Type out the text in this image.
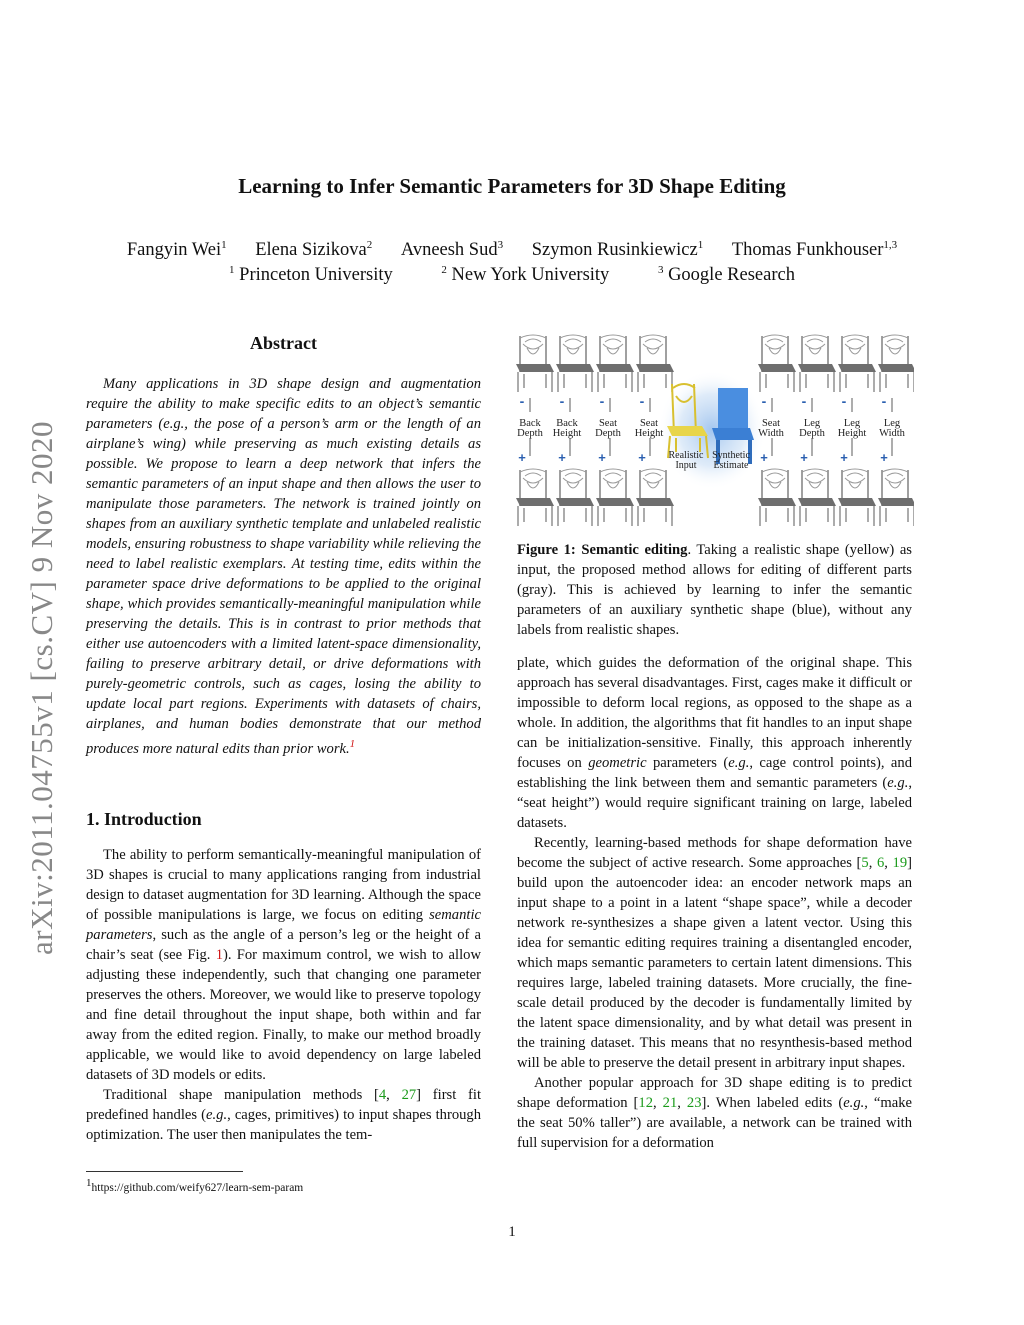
arXiv:2011.04755v1 [cs.CV] 9 Nov 2020
Learning to Infer Semantic Parameters for 3D Shape Editing
Fangyin Wei$^1$ Elena Sizikova$^2$ Avneesh Sud$^3$ Szymon Rusinkiewicz$^1$ Thomas Funkhouser$^{1,3}$
$^1$ Princeton University	$^2$ New York University	$^3$ Google Research
Abstract
Many applications in 3D shape design and augmentation require the ability to make specific edits to an object’s semantic parameters (e.g., the pose of a person’s arm or the length of an airplane’s wing) while preserving as much existing details as possible. We propose to learn a deep network that infers the semantic parameters of an input shape and then allows the user to manipulate those parameters. The network is trained jointly on shapes from an auxiliary synthetic template and unlabeled realistic models, ensuring robustness to shape variability while relieving the need to label realistic exemplars. At testing time, edits within the parameter space drive deformations to be applied to the original shape, which provides semantically-meaningful manipulation while preserving the details. This is in contrast to prior methods that either use autoencoders with a limited latent-space dimensionality, failing to preserve arbitrary detail, or drive deformations with purely-geometric controls, such as cages, losing the ability to update local part regions. Experiments with datasets of chairs, airplanes, and human bodies demonstrate that our method produces more natural edits than prior work.$^1$
1. Introduction

The ability to perform semantically-meaningful manipulation of 3D shapes is crucial to many applications ranging from industrial design to dataset augmentation for 3D learning. Although the space of possible manipulations is large, we focus on editing semantic parameters, such as the angle of a person’s leg or the height of a chair’s seat (see Fig. 1). For maximum control, we wish to allow adjusting these independently, such that changing one parameter preserves the others. Moreover, we would like to preserve topology and fine detail throughout the input shape, both within and far away from the edited region. Finally, to make our method broadly applicable, we would like to avoid dependency on large labeled datasets of 3D models or edits.

Traditional shape manipulation methods [4, 27] first fit predefined handles (e.g., cages, primitives) to input shapes through optimization. The user then manipulates the tem-

$^1$https://github.com/weify627/learn-sem-param
-	-	-	-	-	-	-	-
+ + + +	+ + + +
Back
Depth
Back
Height
Seat
Depth
Seat
Height
Seat
Width
Leg
Depth
Leg
Height
Leg
Width
Realistic
Input
Synthetic
Estimate
Figure 1: Semantic editing. Taking a realistic shape (yellow) as input, the proposed method allows for editing of different parts (gray). This is achieved by learning to infer the semantic parameters of an auxiliary synthetic shape (blue), without any labels from realistic shapes.

plate, which guides the deformation of the original shape. This approach has several disadvantages. First, cages make it difficult or impossible to deform local regions, as opposed to the shape as a whole. In addition, the algorithms that fit handles to an input shape can be initialization-sensitive. Finally, this approach inherently focuses on geometric parameters (e.g., cage control points), and establishing the link between them and semantic parameters (e.g., “seat height”) would require significant training on large, labeled datasets.

Recently, learning-based methods for shape deformation have become the subject of active research. Some approaches [5, 6, 19] build upon the autoencoder idea: an encoder network maps an input shape to a point in a latent “shape space”, while a decoder network re-synthesizes a shape given a latent vector. Using this idea for semantic editing requires training a disentangled encoder, which maps semantic parameters to certain latent dimensions. This requires large, labeled training datasets. More crucially, the fine-scale detail produced by the decoder is fundamentally limited by the latent space dimensionality, and by what detail was present in the training dataset. This means that no resynthesis-based method will be able to preserve the detail present in arbitrary input shapes.

Another popular approach for 3D shape editing is to predict shape deformation [12, 21, 23]. When labeled edits (e.g., “make the seat 50% taller”) are available, a network can be trained with full supervision for a deformation

1
